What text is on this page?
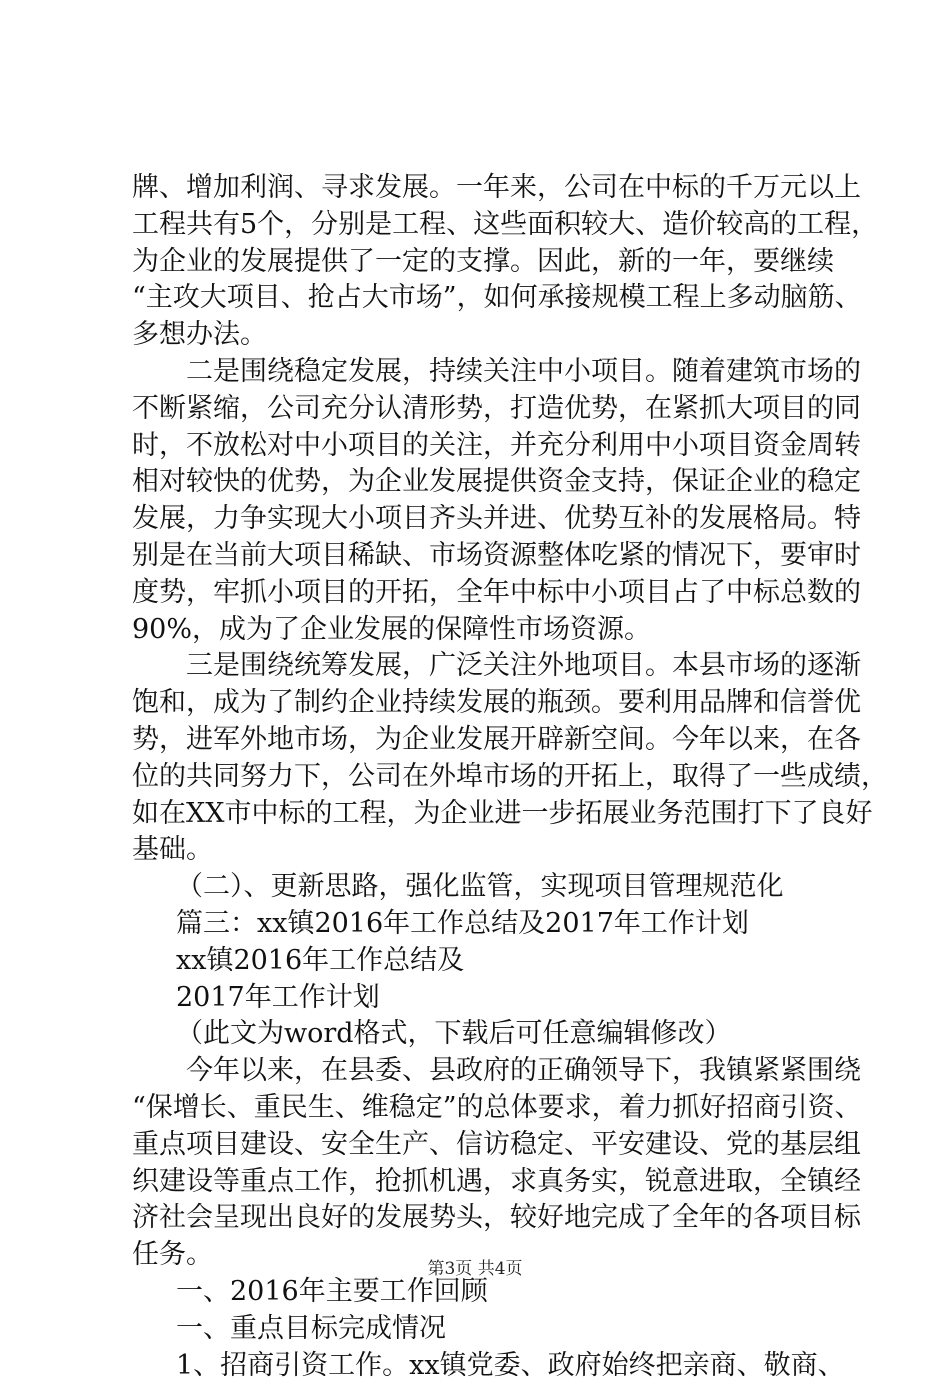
牌、增加利润、寻求发展。一年来，公司在中标的千万元以上
工程共有5个，分别是工程、这些面积较大、造价较高的工程，
为企业的发展提供了一定的支撑。因此，新的一年，要继续
“主攻大项目、抢占大市场”，如何承接规模工程上多动脑筋、
多想办法。
二是围绕稳定发展，持续关注中小项目。随着建筑市场的
不断紧缩，公司充分认清形势，打造优势，在紧抓大项目的同
时，不放松对中小项目的关注，并充分利用中小项目资金周转
相对较快的优势，为企业发展提供资金支持，保证企业的稳定
发展，力争实现大小项目齐头并进、优势互补的发展格局。特
别是在当前大项目稀缺、市场资源整体吃紧的情况下，要审时
度势，牢抓小项目的开拓，全年中标中小项目占了中标总数的
90%，成为了企业发展的保障性市场资源。
三是围绕统筹发展，广泛关注外地项目。本县市场的逐渐
饱和，成为了制约企业持续发展的瓶颈。要利用品牌和信誉优
势，进军外地市场，为企业发展开辟新空间。今年以来，在各
位的共同努力下，公司在外埠市场的开拓上，取得了一些成绩，
如在XX市中标的工程，为企业进一步拓展业务范围打下了良好
基础。
（二）、更新思路，强化监管，实现项目管理规范化
篇三：xx镇2016年工作总结及2017年工作计划
xx镇2016年工作总结及
2017年工作计划
（此文为word格式，下载后可任意编辑修改）
今年以来，在县委、县政府的正确领导下，我镇紧紧围绕
“保增长、重民生、维稳定”的总体要求，着力抓好招商引资、
重点项目建设、安全生产、信访稳定、平安建设、党的基层组
织建设等重点工作，抢抓机遇，求真务实，锐意进取，全镇经
济社会呈现出良好的发展势头，较好地完成了全年的各项目标
任务。
一、2016年主要工作回顾
一、重点目标完成情况
1、招商引资工作。xx镇党委、政府始终把亲商、敬商、
第3页 共4页
